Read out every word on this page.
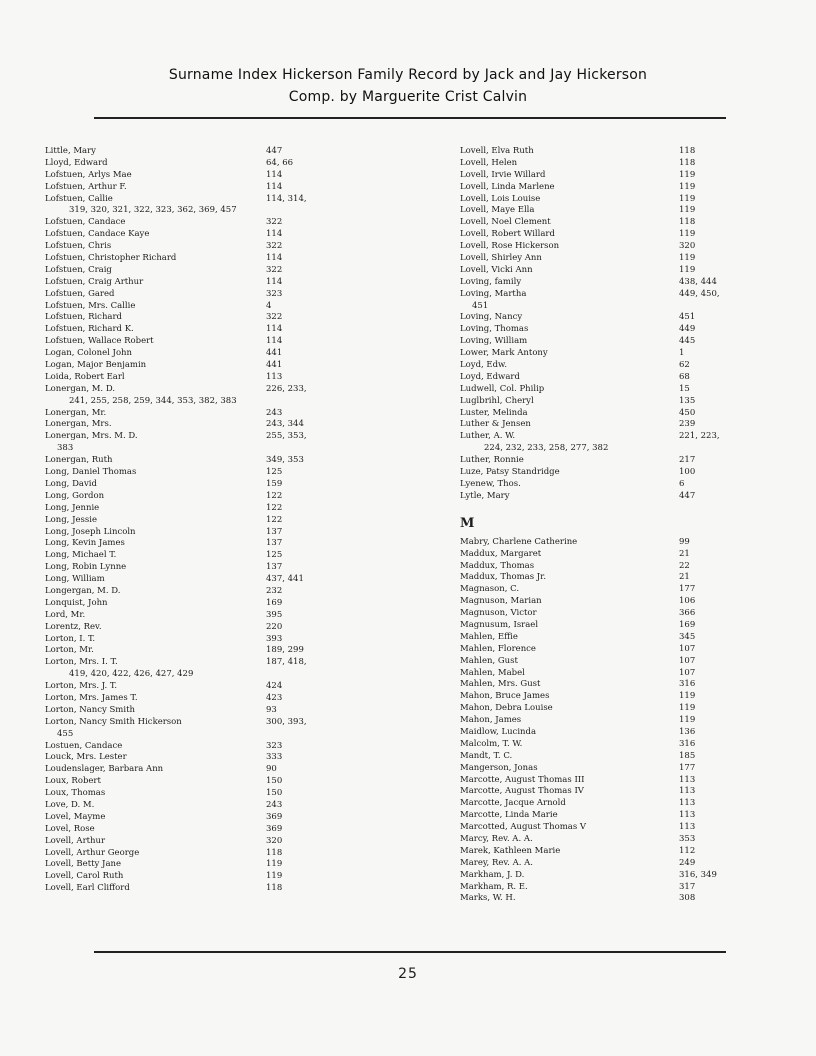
Surname Index Hickerson Family Record by Jack and Jay Hickerson
Comp. by Marguerite Crist Calvin
Little, Mary	447
Lloyd, Edward	64, 66
Lofstuen, Arlys Mae	114
Lofstuen, Arthur F.	114
Lofstuen, Callie	114, 314,
319, 320, 321, 322, 323, 362, 369, 457
Lofstuen, Candace	322
Lofstuen, Candace Kaye	114
Lofstuen, Chris	322
Lofstuen, Christopher Richard	114
Lofstuen, Craig	322
Lofstuen, Craig Arthur	114
Lofstuen, Gared	323
Lofstuen, Mrs. Callie	4
Lofstuen, Richard	322
Lofstuen, Richard K.	114
Lofstuen, Wallace Robert	114
Logan, Colonel John	441
Logan, Major Benjamin	441
Loida, Robert Earl	113
Lonergan, M. D.	226, 233,
241, 255, 258, 259, 344, 353, 382, 383
Lonergan, Mr.	243
Lonergan, Mrs.	243, 344
Lonergan, Mrs. M. D.	255, 353,
383
Lonergan, Ruth	349, 353
Long, Daniel Thomas	125
Long, David	159
Long, Gordon	122
Long, Jennie	122
Long, Jessie	122
Long, Joseph Lincoln	137
Long, Kevin James	137
Long, Michael T.	125
Long, Robin Lynne	137
Long, William	437, 441
Longergan, M. D.	232
Lonquist, John	169
Lord, Mr.	395
Lorentz, Rev.	220
Lorton, I. T.	393
Lorton, Mr.	189, 299
Lorton, Mrs. I. T.	187, 418,
419, 420, 422, 426, 427, 429
Lorton, Mrs. J. T.	424
Lorton, Mrs. James T.	423
Lorton, Nancy Smith	93
Lorton, Nancy Smith Hickerson	300, 393,
455
Lostuen, Candace	323
Louck, Mrs. Lester	333
Loudenslager, Barbara Ann	90
Loux, Robert	150
Loux, Thomas	150
Love, D. M.	243
Lovel, Mayme	369
Lovel, Rose	369
Lovell, Arthur	320
Lovell, Arthur George	118
Lovell, Betty Jane	119
Lovell, Carol Ruth	119
Lovell, Earl Clifford	118
Lovell, Elva Ruth	118
Lovell, Helen	118
Lovell, Irvie Willard	119
Lovell, Linda Marlene	119
Lovell, Lois Louise	119
Lovell, Maye Ella	119
Lovell, Noel Clement	118
Lovell, Robert Willard	119
Lovell, Rose Hickerson	320
Lovell, Shirley Ann	119
Lovell, Vicki Ann	119
Loving, family	438, 444
Loving, Martha	449, 450,
451
Loving, Nancy	451
Loving, Thomas	449
Loving, William	445
Lower, Mark Antony	1
Loyd, Edw.	62
Loyd, Edward	68
Ludwell, Col. Philip	15
Luglbrihl, Cheryl	135
Luster, Melinda	450
Luther & Jensen	239
Luther, A. W.	221, 223,
224, 232, 233, 258, 277, 382
Luther, Ronnie	217
Luze, Patsy Standridge	100
Lyenew, Thos.	6
Lytle, Mary	447
M
Mabry, Charlene Catherine	99
Maddux, Margaret	21
Maddux, Thomas	22
Maddux, Thomas Jr.	21
Magnason, C.	177
Magnuson, Marian	106
Magnuson, Victor	366
Magnusum, Israel	169
Mahlen, Effie	345
Mahlen, Florence	107
Mahlen, Gust	107
Mahlen, Mabel	107
Mahlen, Mrs. Gust	316
Mahon, Bruce James	119
Mahon, Debra Louise	119
Mahon, James	119
Maidlow, Lucinda	136
Malcolm, T. W.	316
Mandt, T. C.	185
Mangerson, Jonas	177
Marcotte, August Thomas III	113
Marcotte, August Thomas IV	113
Marcotte, Jacque Arnold	113
Marcotte, Linda Marie	113
Marcotted, August Thomas V	113
Marcy, Rev. A. A.	353
Marek, Kathleen Marie	112
Marey, Rev. A. A.	249
Markham, J. D.	316, 349
Markham, R. E.	317
Marks, W. H.	308
25
